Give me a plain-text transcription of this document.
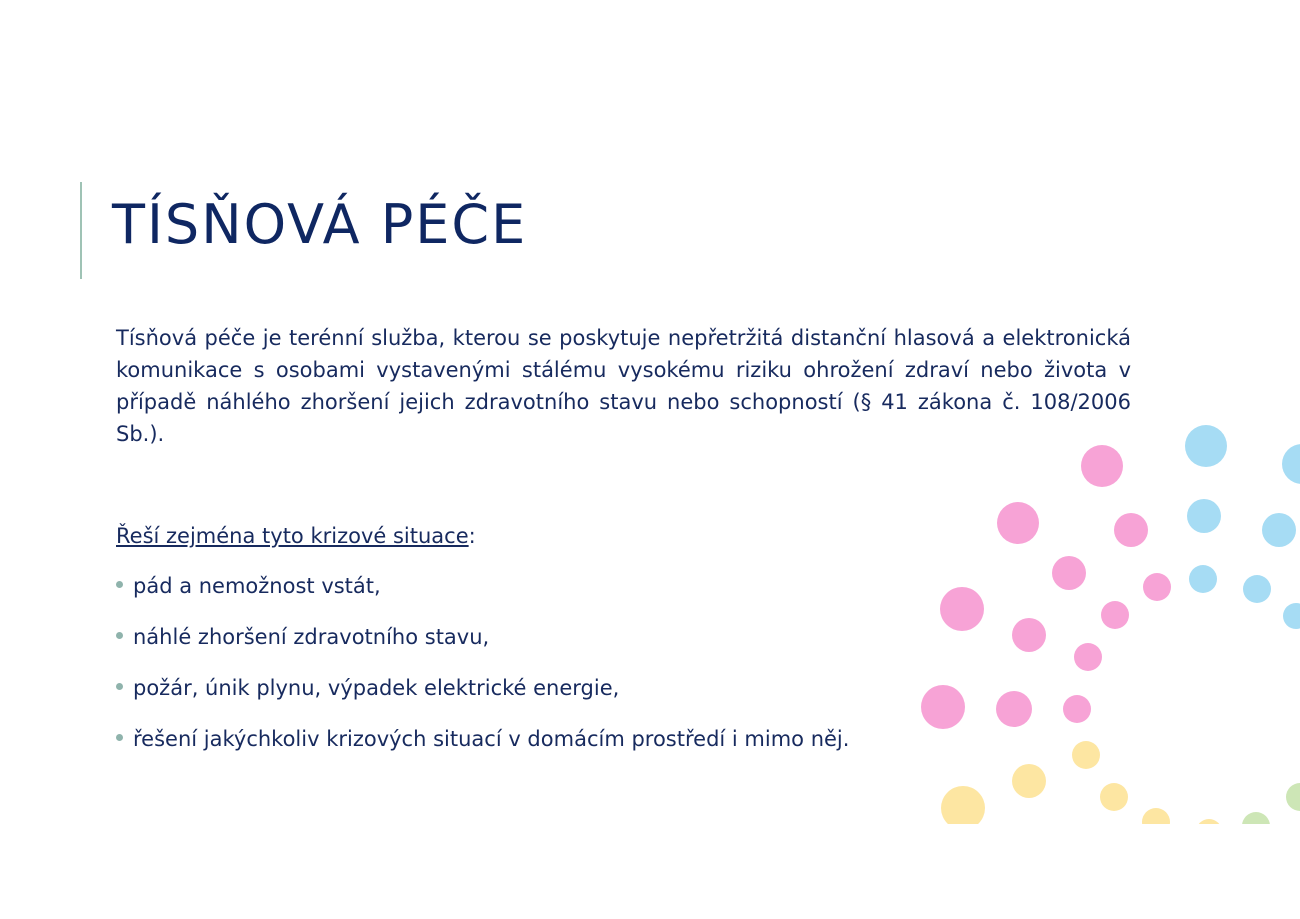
TÍSŇOVÁ PÉČE

Tísňová péče je terénní služba, kterou se poskytuje nepřetržitá distanční hlasová a elektronická komunikace s osobami vystavenými stálému vysokému riziku ohrožení zdraví nebo života v případě náhlého zhoršení jejich zdravotního stavu nebo schopností (§ 41 zákona č. 108/2006 Sb.).

Řeší zejména tyto krizové situace:

pád a nemožnost vstát,
náhlé zhoršení zdravotního stavu,
požár, únik plynu, výpadek elektrické energie,
řešení jakýchkoliv krizových situací v domácím prostředí i mimo něj.
